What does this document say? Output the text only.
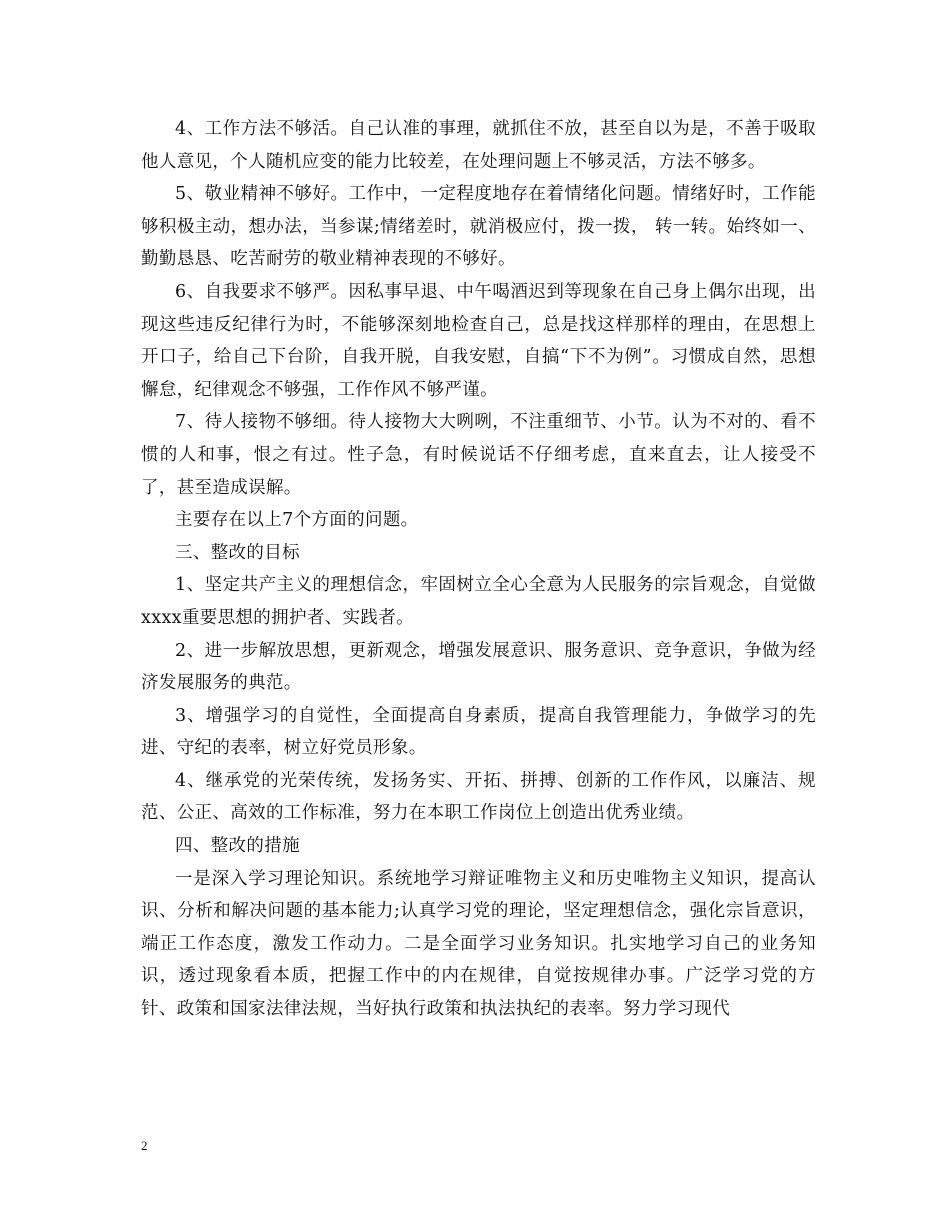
4、工作方法不够活。自己认准的事理，就抓住不放，甚至自以为是，不善于吸取他人意见，个人随机应变的能力比较差，在处理问题上不够灵活，方法不够多。

5、敬业精神不够好。工作中，一定程度地存在着情绪化问题。情绪好时，工作能够积极主动，想办法，当参谋;情绪差时，就消极应付，拨一拨， 转一转。始终如一、勤勤恳恳、吃苦耐劳的敬业精神表现的不够好。

6、自我要求不够严。因私事早退、中午喝酒迟到等现象在自己身上偶尔出现，出现这些违反纪律行为时，不能够深刻地检查自己，总是找这样那样的理由，在思想上开口子，给自己下台阶，自我开脱，自我安慰，自搞“下不为例”。习惯成自然，思想懈怠，纪律观念不够强，工作作风不够严谨。

7、待人接物不够细。待人接物大大咧咧，不注重细节、小节。认为不对的、看不惯的人和事，恨之有过。性子急，有时候说话不仔细考虑，直来直去，让人接受不了，甚至造成误解。

主要存在以上7个方面的问题。

三、整改的目标

1、坚定共产主义的理想信念，牢固树立全心全意为人民服务的宗旨观念，自觉做xxxx重要思想的拥护者、实践者。

2、进一步解放思想，更新观念，增强发展意识、服务意识、竞争意识，争做为经济发展服务的典范。

3、增强学习的自觉性，全面提高自身素质，提高自我管理能力，争做学习的先进、守纪的表率，树立好党员形象。

4、继承党的光荣传统，发扬务实、开拓、拼搏、创新的工作作风，以廉洁、规范、公正、高效的工作标准，努力在本职工作岗位上创造出优秀业绩。

四、整改的措施

一是深入学习理论知识。系统地学习辩证唯物主义和历史唯物主义知识，提高认识、分析和解决问题的基本能力;认真学习党的理论，坚定理想信念，强化宗旨意识，端正工作态度，激发工作动力。二是全面学习业务知识。扎实地学习自己的业务知识，透过现象看本质，把握工作中的内在规律，自觉按规律办事。广泛学习党的方针、政策和国家法律法规，当好执行政策和执法执纪的表率。努力学习现代

2
